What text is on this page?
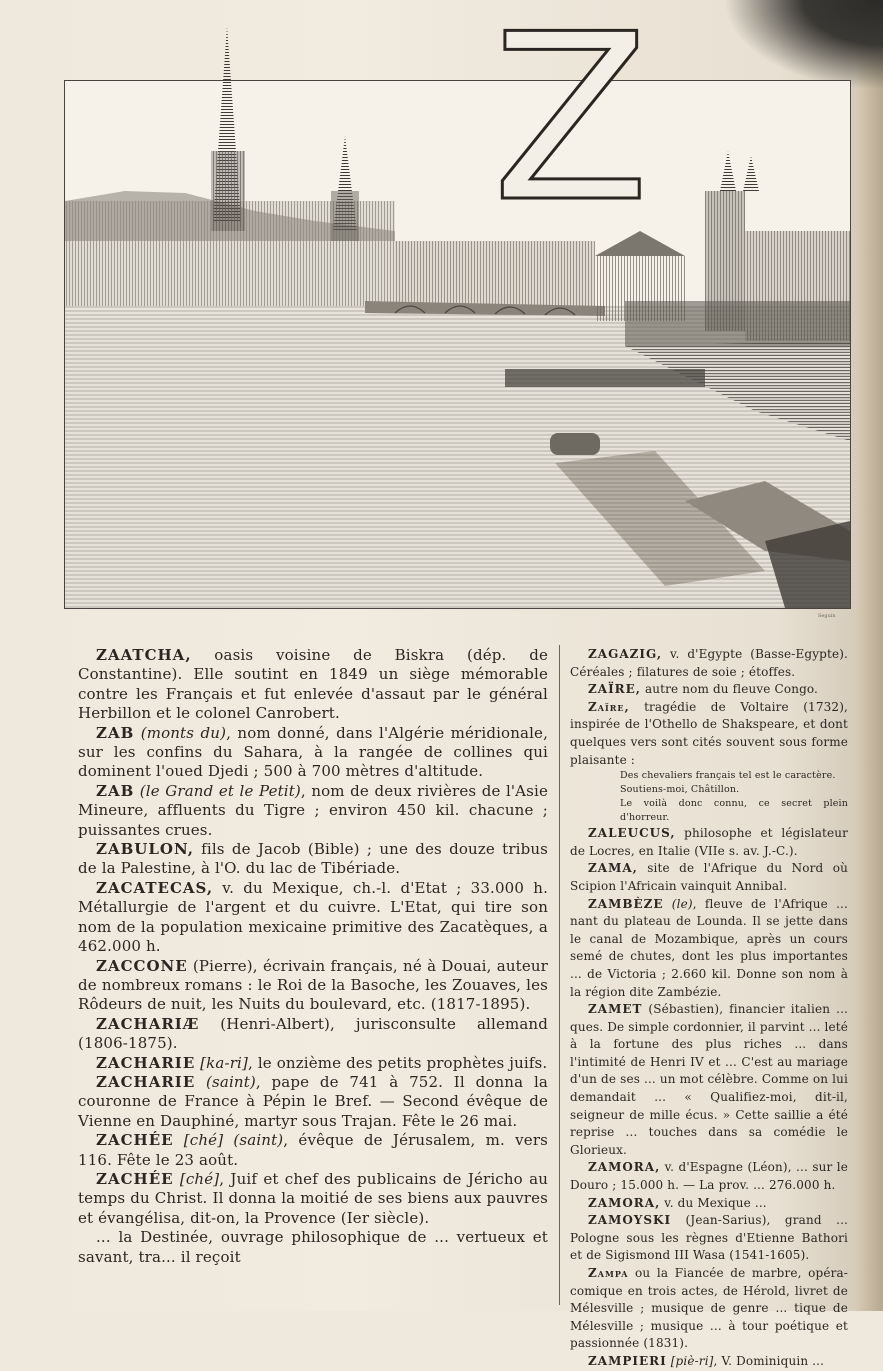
Z
Seguin
ZAATCHA, oasis voisine de Biskra (dép. de Constantine). Elle soutint en 1849 un siège mémorable contre les Français et fut enlevée d'assaut par le général Herbillon et le colonel Canrobert.
ZAB (monts du), nom donné, dans l'Algérie méridionale, sur les confins du Sahara, à la rangée de collines qui dominent l'oued Djedi ; 500 à 700 mètres d'altitude.
ZAB (le Grand et le Petit), nom de deux rivières de l'Asie Mineure, affluents du Tigre ; environ 450 kil. chacune ; puissantes crues.
ZABULON, fils de Jacob (Bible) ; une des douze tribus de la Palestine, à l'O. du lac de Tibériade.
ZACATECAS, v. du Mexique, ch.-l. d'Etat ; 33.000 h. Métallurgie de l'argent et du cuivre. L'Etat, qui tire son nom de la population mexicaine primitive des Zacatèques, a 462.000 h.
ZACCONE (Pierre), écrivain français, né à Douai, auteur de nombreux romans : le Roi de la Basoche, les Zouaves, les Rôdeurs de nuit, les Nuits du boulevard, etc. (1817-1895).
ZACHARIÆ (Henri-Albert), jurisconsulte allemand (1806-1875).
ZACHARIE [ka-ri], le onzième des petits prophètes juifs.
ZACHARIE (saint), pape de 741 à 752. Il donna la couronne de France à Pépin le Bref. — Second évêque de Vienne en Dauphiné, martyr sous Trajan. Fête le 26 mai.
ZACHÉE [ché] (saint), évêque de Jérusalem, m. vers 116. Fête le 23 août.
ZACHÉE [ché], Juif et chef des publicains de Jéricho au temps du Christ. Il donna la moitié de ses biens aux pauvres et évangélisa, dit-on, la Provence (Ier siècle).
... la Destinée, ouvrage philosophique de ... vertueux et savant, tra... il reçoit
ZAGAZIG, v. d'Egypte (Basse-Egypte). Céréales ; filatures de soie ; étoffes.
ZAÏRE, autre nom du fleuve Congo.
Zaïre, tragédie de Voltaire (1732), inspirée de l'Othello de Shakspeare, et dont quelques vers sont cités souvent sous forme plaisante :
Des chevaliers français tel est le caractère.
Soutiens-moi, Châtillon.
Le voilà donc connu, ce secret plein d'horreur.
ZALEUCUS, philosophe et législateur de Locres, en Italie (VIIe s. av. J.-C.).
ZAMA, site de l'Afrique du Nord où Scipion l'Africain vainquit Annibal.
ZAMBÈZE (le), fleuve de l'Afrique ... nant du plateau de Lounda. Il se jette dans le canal de Mozambique, après un cours semé de chutes, dont les plus importantes ... de Victoria ; 2.660 kil. Donne son nom à la région dite Zambézie.
ZAMET (Sébastien), financier italien ... ques. De simple cordonnier, il parvint ... leté à la fortune des plus riches ... dans l'intimité de Henri IV et ... C'est au mariage d'un de ses ... un mot célèbre. Comme on lui demandait ... « Qualifiez-moi, dit-il, seigneur de mille écus. » Cette saillie a été reprise ... touches dans sa comédie le Glorieux.
ZAMORA, v. d'Espagne (Léon), ... sur le Douro ; 15.000 h. — La prov. ... 276.000 h.
ZAMORA, v. du Mexique ...
ZAMOYSKI (Jean-Sarius), grand ... Pologne sous les règnes d'Etienne Bathori et de Sigismond III Wasa (1541-1605).
Zampa ou la Fiancée de marbre, opéra-comique en trois actes, de Hérold, livret de Mélesville ; musique de genre ... tique de Mélesville ; musique ... à tour poétique et passionnée (1831).
ZAMPIERI [piè-ri], V. Dominiquin ...
